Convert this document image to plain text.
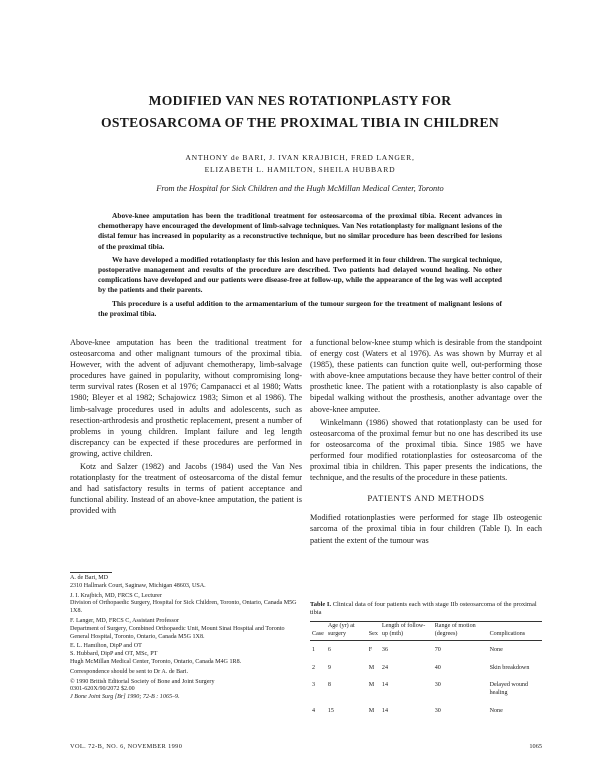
MODIFIED VAN NES ROTATIONPLASTY FOR
OSTEOSARCOMA OF THE PROXIMAL TIBIA IN CHILDREN
ANTHONY de BARI, J. IVAN KRAJBICH, FRED LANGER,
ELIZABETH L. HAMILTON, SHEILA HUBBARD
From the Hospital for Sick Children and the Hugh McMillan Medical Center, Toronto

Above-knee amputation has been the traditional treatment for osteosarcoma of the proximal tibia. Recent advances in chemotherapy have encouraged the development of limb-salvage techniques. Van Nes rotationplasty for malignant lesions of the distal femur has increased in popularity as a reconstructive technique, but no similar procedure has been described for lesions of the proximal tibia.

We have developed a modified rotationplasty for this lesion and have performed it in four children. The surgical technique, postoperative management and results of the procedure are described. Two patients had delayed wound healing. No other complications have developed and our patients were disease-free at follow-up, while the appearance of the leg was well accepted by the patients and their parents.

This procedure is a useful addition to the armamentarium of the tumour surgeon for the treatment of malignant lesions of the proximal tibia.

Above-knee amputation has been the traditional treatment for osteosarcoma and other malignant tumours of the proximal tibia. However, with the advent of adjuvant chemotherapy, limb-salvage procedures have gained in popularity, without compromising long-term survival rates (Rosen et al 1976; Campanacci et al 1980; Watts 1980; Bleyer et al 1982; Schajowicz 1983; Simon et al 1986). The limb-salvage procedures used in adults and adolescents, such as resection-arthrodesis and prosthetic replacement, present a number of problems in young children. Implant failure and leg length discrepancy can be expected if these procedures are performed in growing, active children.

Kotz and Salzer (1982) and Jacobs (1984) used the Van Nes rotationplasty for the treatment of osteosarcoma of the distal femur and had satisfactory results in terms of patient acceptance and functional ability. Instead of an above-knee amputation, the patient is provided with

a functional below-knee stump which is desirable from the standpoint of energy cost (Waters et al 1976). As was shown by Murray et al (1985), these patients can function quite well, out-performing those with above-knee amputations because they have better control of their prosthetic knee. The patient with a rotationplasty is also capable of bipedal walking without the prosthesis, another advantage over the above-knee amputee.

Winkelmann (1986) showed that rotationplasty can be used for osteosarcoma of the proximal femur but no one has described its use for osteosarcoma of the proximal tibia. Since 1985 we have performed four modified rotationplasties for osteosarcoma of the proximal tibia in children. This paper presents the indications, the technique, and the results of the procedure in these patients.

PATIENTS AND METHODS

Modified rotationplasties were performed for stage IIb osteogenic sarcoma of the proximal tibia in four children (Table I). In each patient the extent of the tumour was

A. de Bari, MD
2310 Hallmark Court, Saginaw, Michigan 48603, USA.

J. I. Krajbich, MD, FRCS C, Lecturer
Division of Orthopaedic Surgery, Hospital for Sick Children, Toronto, Ontario, Canada M5G 1X8.

F. Langer, MD, FRCS C, Assistant Professor
Department of Surgery, Combined Orthopaedic Unit, Mount Sinai Hospital and Toronto General Hospital, Toronto, Ontario, Canada M5G 1X8.

E. L. Hamilton, DipP and OT
S. Hubbard, DipP and OT, MSc, PT
Hugh McMillan Medical Center, Toronto, Ontario, Canada M4G 1R8.

Correspondence should be sent to Dr A. de Bari.

© 1990 British Editorial Society of Bone and Joint Surgery
0301-620X/90/2072 $2.00
J Bone Joint Surg [Br] 1990; 72-B : 1065–9.

Table I. Clinical data of four patients each with stage IIb osteosarcoma of the proximal tibia
Case	Age (yr) at surgery	Sex	Length of follow-up (mth)	Range of motion (degrees)	Complications
1	6	F	36	70	None
2	9	M	24	40	Skin breakdown
3	8	M	14	30	Delayed wound healing
4	15	M	14	30	None
VOL. 72-B, NO. 6, NOVEMBER 1990	1065
